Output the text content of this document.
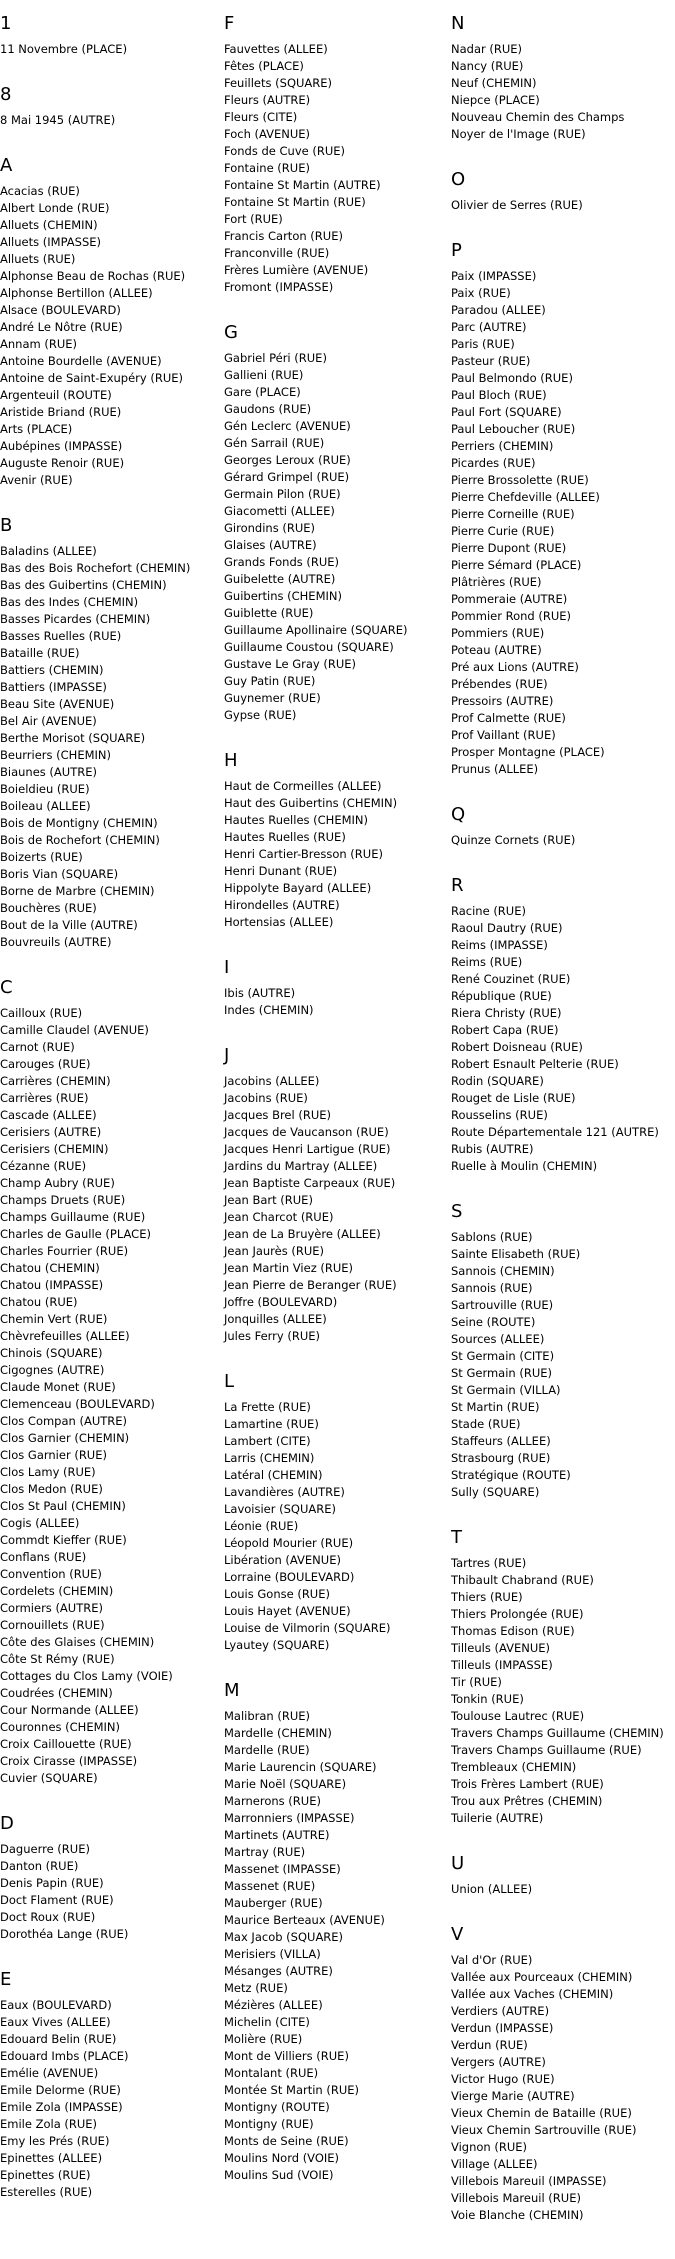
1
11 Novembre (PLACE)
8
8 Mai 1945 (AUTRE)
A
Acacias (RUE)
Albert Londe (RUE)
Alluets (CHEMIN)
Alluets (IMPASSE)
Alluets (RUE)
Alphonse Beau de Rochas (RUE)
Alphonse Bertillon (ALLEE)
Alsace (BOULEVARD)
André Le Nôtre (RUE)
Annam (RUE)
Antoine Bourdelle (AVENUE)
Antoine de Saint-Exupéry (RUE)
Argenteuil (ROUTE)
Aristide Briand (RUE)
Arts (PLACE)
Aubépines (IMPASSE)
Auguste Renoir (RUE)
Avenir (RUE)
B
Baladins (ALLEE)
Bas des Bois Rochefort (CHEMIN)
Bas des Guibertins (CHEMIN)
Bas des Indes (CHEMIN)
Basses Picardes (CHEMIN)
Basses Ruelles (RUE)
Bataille (RUE)
Battiers (CHEMIN)
Battiers (IMPASSE)
Beau Site (AVENUE)
Bel Air (AVENUE)
Berthe Morisot (SQUARE)
Beurriers (CHEMIN)
Biaunes (AUTRE)
Boieldieu (RUE)
Boileau (ALLEE)
Bois de Montigny (CHEMIN)
Bois de Rochefort (CHEMIN)
Boizerts (RUE)
Boris Vian (SQUARE)
Borne de Marbre (CHEMIN)
Bouchères (RUE)
Bout de la Ville (AUTRE)
Bouvreuils (AUTRE)
C
Cailloux (RUE)
Camille Claudel (AVENUE)
Carnot (RUE)
Carouges (RUE)
Carrières (CHEMIN)
Carrières (RUE)
Cascade (ALLEE)
Cerisiers (AUTRE)
Cerisiers (CHEMIN)
Cézanne (RUE)
Champ Aubry (RUE)
Champs Druets (RUE)
Champs Guillaume (RUE)
Charles de Gaulle (PLACE)
Charles Fourrier (RUE)
Chatou (CHEMIN)
Chatou (IMPASSE)
Chatou (RUE)
Chemin Vert (RUE)
Chèvrefeuilles (ALLEE)
Chinois (SQUARE)
Cigognes (AUTRE)
Claude Monet (RUE)
Clemenceau (BOULEVARD)
Clos Compan (AUTRE)
Clos Garnier (CHEMIN)
Clos Garnier (RUE)
Clos Lamy (RUE)
Clos Medon (RUE)
Clos St Paul (CHEMIN)
Cogis (ALLEE)
Commdt Kieffer (RUE)
Conflans (RUE)
Convention (RUE)
Cordelets (CHEMIN)
Cormiers (AUTRE)
Cornouillets (RUE)
Côte des Glaises (CHEMIN)
Côte St Rémy (RUE)
Cottages du Clos Lamy (VOIE)
Coudrées (CHEMIN)
Cour Normande (ALLEE)
Couronnes (CHEMIN)
Croix Caillouette (RUE)
Croix Cirasse (IMPASSE)
Cuvier (SQUARE)
D
Daguerre (RUE)
Danton (RUE)
Denis Papin (RUE)
Doct Flament (RUE)
Doct Roux (RUE)
Dorothéa Lange (RUE)
E
Eaux (BOULEVARD)
Eaux Vives (ALLEE)
Edouard Belin (RUE)
Edouard Imbs (PLACE)
Emélie (AVENUE)
Emile Delorme (RUE)
Emile Zola (IMPASSE)
Emile Zola (RUE)
Emy les Prés (RUE)
Epinettes (ALLEE)
Epinettes (RUE)
Esterelles (RUE)
F
Fauvettes (ALLEE)
Fêtes (PLACE)
Feuillets (SQUARE)
Fleurs (AUTRE)
Fleurs (CITE)
Foch (AVENUE)
Fonds de Cuve (RUE)
Fontaine (RUE)
Fontaine St Martin (AUTRE)
Fontaine St Martin (RUE)
Fort (RUE)
Francis Carton (RUE)
Franconville (RUE)
Frères Lumière (AVENUE)
Fromont (IMPASSE)
G
Gabriel Péri (RUE)
Gallieni (RUE)
Gare (PLACE)
Gaudons (RUE)
Gén Leclerc (AVENUE)
Gén Sarrail (RUE)
Georges Leroux (RUE)
Gérard Grimpel (RUE)
Germain Pilon (RUE)
Giacometti (ALLEE)
Girondins (RUE)
Glaises (AUTRE)
Grands Fonds (RUE)
Guibelette (AUTRE)
Guibertins (CHEMIN)
Guiblette (RUE)
Guillaume Apollinaire (SQUARE)
Guillaume Coustou (SQUARE)
Gustave Le Gray (RUE)
Guy Patin (RUE)
Guynemer (RUE)
Gypse (RUE)
H
Haut de Cormeilles (ALLEE)
Haut des Guibertins (CHEMIN)
Hautes Ruelles (CHEMIN)
Hautes Ruelles (RUE)
Henri Cartier-Bresson (RUE)
Henri Dunant (RUE)
Hippolyte Bayard (ALLEE)
Hirondelles (AUTRE)
Hortensias (ALLEE)
I
Ibis (AUTRE)
Indes (CHEMIN)
J
Jacobins (ALLEE)
Jacobins (RUE)
Jacques Brel (RUE)
Jacques de Vaucanson (RUE)
Jacques Henri Lartigue (RUE)
Jardins du Martray (ALLEE)
Jean Baptiste Carpeaux (RUE)
Jean Bart (RUE)
Jean Charcot (RUE)
Jean de La Bruyère (ALLEE)
Jean Jaurès (RUE)
Jean Martin Viez (RUE)
Jean Pierre de Beranger (RUE)
Joffre (BOULEVARD)
Jonquilles (ALLEE)
Jules Ferry (RUE)
L
La Frette (RUE)
Lamartine (RUE)
Lambert (CITE)
Larris (CHEMIN)
Latéral (CHEMIN)
Lavandières (AUTRE)
Lavoisier (SQUARE)
Léonie (RUE)
Léopold Mourier (RUE)
Libération (AVENUE)
Lorraine (BOULEVARD)
Louis Gonse (RUE)
Louis Hayet (AVENUE)
Louise de Vilmorin (SQUARE)
Lyautey (SQUARE)
M
Malibran (RUE)
Mardelle (CHEMIN)
Mardelle (RUE)
Marie Laurencin (SQUARE)
Marie Noël (SQUARE)
Marnerons (RUE)
Marronniers (IMPASSE)
Martinets (AUTRE)
Martray (RUE)
Massenet (IMPASSE)
Massenet (RUE)
Mauberger (RUE)
Maurice Berteaux (AVENUE)
Max Jacob (SQUARE)
Merisiers (VILLA)
Mésanges (AUTRE)
Metz (RUE)
Mézières (ALLEE)
Michelin (CITE)
Molière (RUE)
Mont de Villiers (RUE)
Montalant (RUE)
Montée St Martin (RUE)
Montigny (ROUTE)
Montigny (RUE)
Monts de Seine (RUE)
Moulins Nord (VOIE)
Moulins Sud (VOIE)
N
Nadar (RUE)
Nancy (RUE)
Neuf (CHEMIN)
Niepce (PLACE)
Nouveau Chemin des Champs
Noyer de l'Image (RUE)
O
Olivier de Serres (RUE)
P
Paix (IMPASSE)
Paix (RUE)
Paradou (ALLEE)
Parc (AUTRE)
Paris (RUE)
Pasteur (RUE)
Paul Belmondo (RUE)
Paul Bloch (RUE)
Paul Fort (SQUARE)
Paul Leboucher (RUE)
Perriers (CHEMIN)
Picardes (RUE)
Pierre Brossolette (RUE)
Pierre Chefdeville (ALLEE)
Pierre Corneille (RUE)
Pierre Curie (RUE)
Pierre Dupont (RUE)
Pierre Sémard (PLACE)
Plâtrières (RUE)
Pommeraie (AUTRE)
Pommier Rond (RUE)
Pommiers (RUE)
Poteau (AUTRE)
Pré aux Lions (AUTRE)
Prébendes (RUE)
Pressoirs (AUTRE)
Prof Calmette (RUE)
Prof Vaillant (RUE)
Prosper Montagne (PLACE)
Prunus (ALLEE)
Q
Quinze Cornets (RUE)
R
Racine (RUE)
Raoul Dautry (RUE)
Reims (IMPASSE)
Reims (RUE)
René Couzinet (RUE)
République (RUE)
Riera Christy (RUE)
Robert Capa (RUE)
Robert Doisneau (RUE)
Robert Esnault Pelterie (RUE)
Rodin (SQUARE)
Rouget de Lisle (RUE)
Rousselins (RUE)
Route Départementale 121 (AUTRE)
Rubis (AUTRE)
Ruelle à Moulin (CHEMIN)
S
Sablons (RUE)
Sainte Elisabeth (RUE)
Sannois (CHEMIN)
Sannois (RUE)
Sartrouville (RUE)
Seine (ROUTE)
Sources (ALLEE)
St Germain (CITE)
St Germain (RUE)
St Germain (VILLA)
St Martin (RUE)
Stade (RUE)
Staffeurs (ALLEE)
Strasbourg (RUE)
Stratégique (ROUTE)
Sully (SQUARE)
T
Tartres (RUE)
Thibault Chabrand (RUE)
Thiers (RUE)
Thiers Prolongée (RUE)
Thomas Edison (RUE)
Tilleuls (AVENUE)
Tilleuls (IMPASSE)
Tir (RUE)
Tonkin (RUE)
Toulouse Lautrec (RUE)
Travers Champs Guillaume (CHEMIN)
Travers Champs Guillaume (RUE)
Trembleaux (CHEMIN)
Trois Frères Lambert (RUE)
Trou aux Prêtres (CHEMIN)
Tuilerie (AUTRE)
U
Union (ALLEE)
V
Val d'Or (RUE)
Vallée aux Pourceaux (CHEMIN)
Vallée aux Vaches (CHEMIN)
Verdiers (AUTRE)
Verdun (IMPASSE)
Verdun (RUE)
Vergers (AUTRE)
Victor Hugo (RUE)
Vierge Marie (AUTRE)
Vieux Chemin de Bataille (RUE)
Vieux Chemin Sartrouville (RUE)
Vignon (RUE)
Village (ALLEE)
Villebois Mareuil (IMPASSE)
Villebois Mareuil (RUE)
Voie Blanche (CHEMIN)
